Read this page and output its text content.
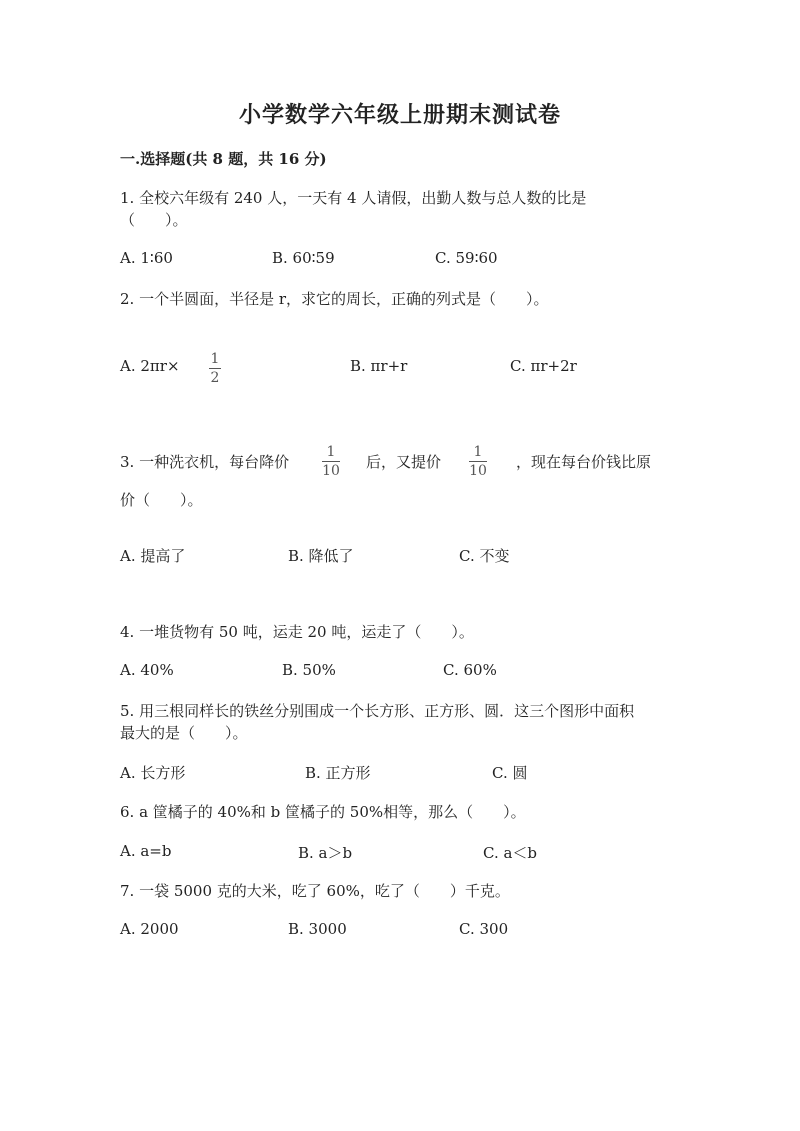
小学数学六年级上册期末测试卷
一.选择题(共 8 题，共 16 分)
1. 全校六年级有 240 人，一天有 4 人请假，出勤人数与总人数的比是
（　　）。
A. 1∶60	B. 60∶59	C. 59∶60
2. 一个半圆面，半径是 r，求它的周长，正确的列式是（　　）。
A. 2πr× 1
2
B. πr+r	C. πr+2r
3. 一种洗衣机，每台降价
1
10 后，又提价
1
10 ，现在每台价钱比原
价（　　）。
A. 提高了	B. 降低了	C. 不变
4. 一堆货物有 50 吨，运走 20 吨，运走了（　　）。
A. 40%	B. 50%	C. 60%
5. 用三根同样长的铁丝分别围成一个长方形、正方形、圆．这三个图形中面积
最大的是（　　）。
A. 长方形	B. 正方形	C. 圆
6. a 筐橘子的 40%和 b 筐橘子的 50%相等，那么（　　）。
A. a=b	B. a＞b	C. a＜b
7. 一袋 5000 克的大米，吃了 60%，吃了（　　）千克。
A. 2000	B. 3000	C. 300
